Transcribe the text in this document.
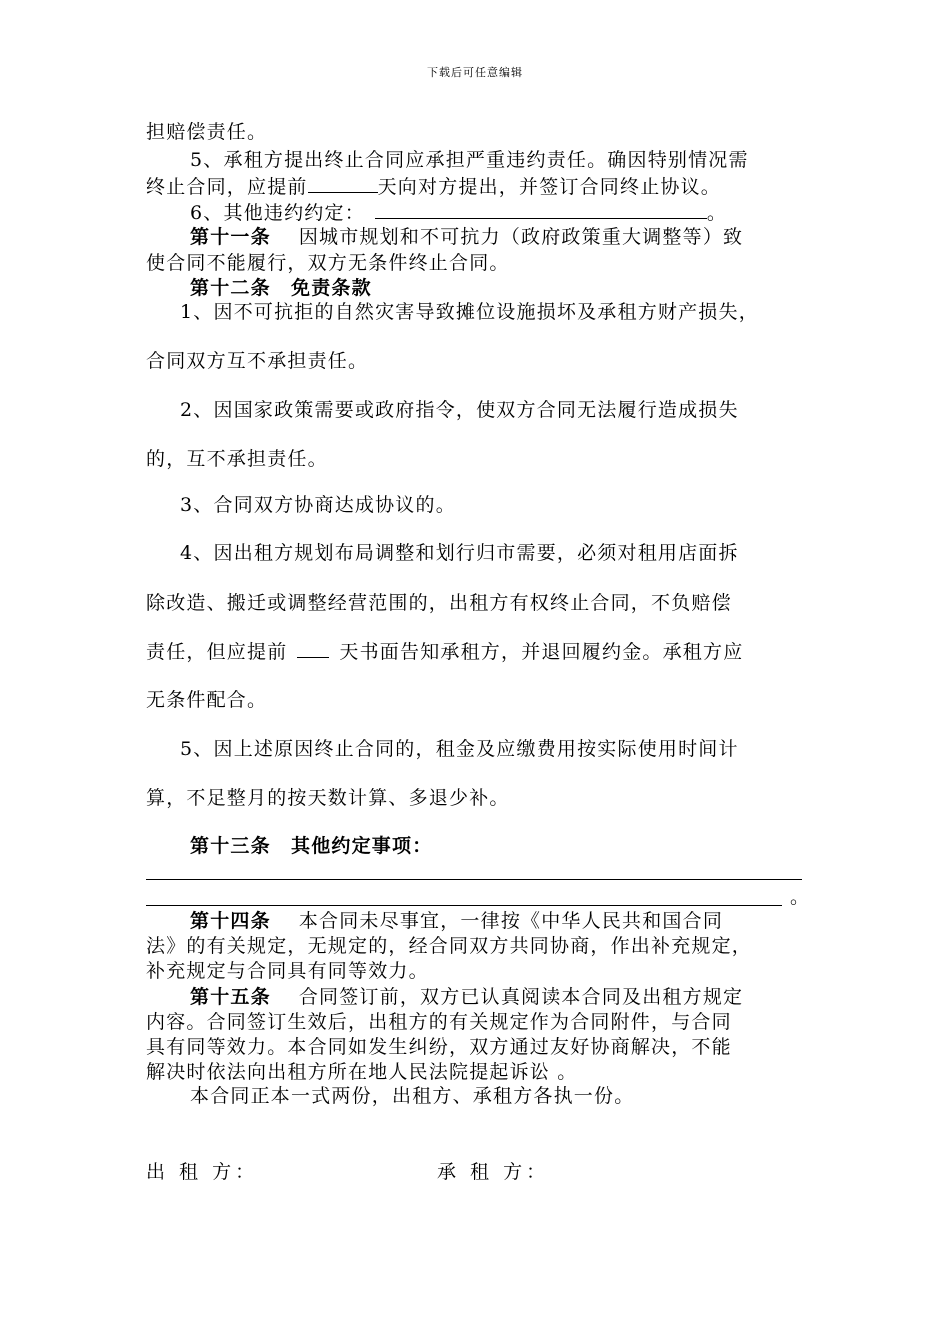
下载后可任意编辑
担赔偿责任。
5、承租方提出终止合同应承担严重违约责任。确因特别情况需
终止合同，应提前	天向对方提出，并签订合同终止协议。
6、其他违约约定：	。
第十一条 因城市规划和不可抗力（政府政策重大调整等）致
使合同不能履行，双方无条件终止合同。
第十二条　免责条款
1、因不可抗拒的自然灾害导致摊位设施损坏及承租方财产损失，
合同双方互不承担责任。
2、因国家政策需要或政府指令，使双方合同无法履行造成损失
的，互不承担责任。
3、合同双方协商达成协议的。
4、因出租方规划布局调整和划行归市需要，必须对租用店面拆
除改造、搬迁或调整经营范围的，出租方有权终止合同，不负赔偿
责任，但应提前	天书面告知承租方，并退回履约金。承租方应
无条件配合。
5、因上述原因终止合同的，租金及应缴费用按实际使用时间计
算，不足整月的按天数计算、多退少补。
第十三条　其他约定事项：
。
第十四条 本合同未尽事宜，一律按《中华人民共和国合同
法》的有关规定，无规定的，经合同双方共同协商，作出补充规定，
补充规定与合同具有同等效力。
第十五条 合同签订前，双方已认真阅读本合同及出租方规定
内容。合同签订生效后，出租方的有关规定作为合同附件，与合同
具有同等效力。本合同如发生纠纷，双方通过友好协商解决，不能
解决时依法向出租方所在地人民法院提起诉讼 。
本合同正本一式两份，出租方、承租方各执一份。
出 租 方：	承 租 方：
